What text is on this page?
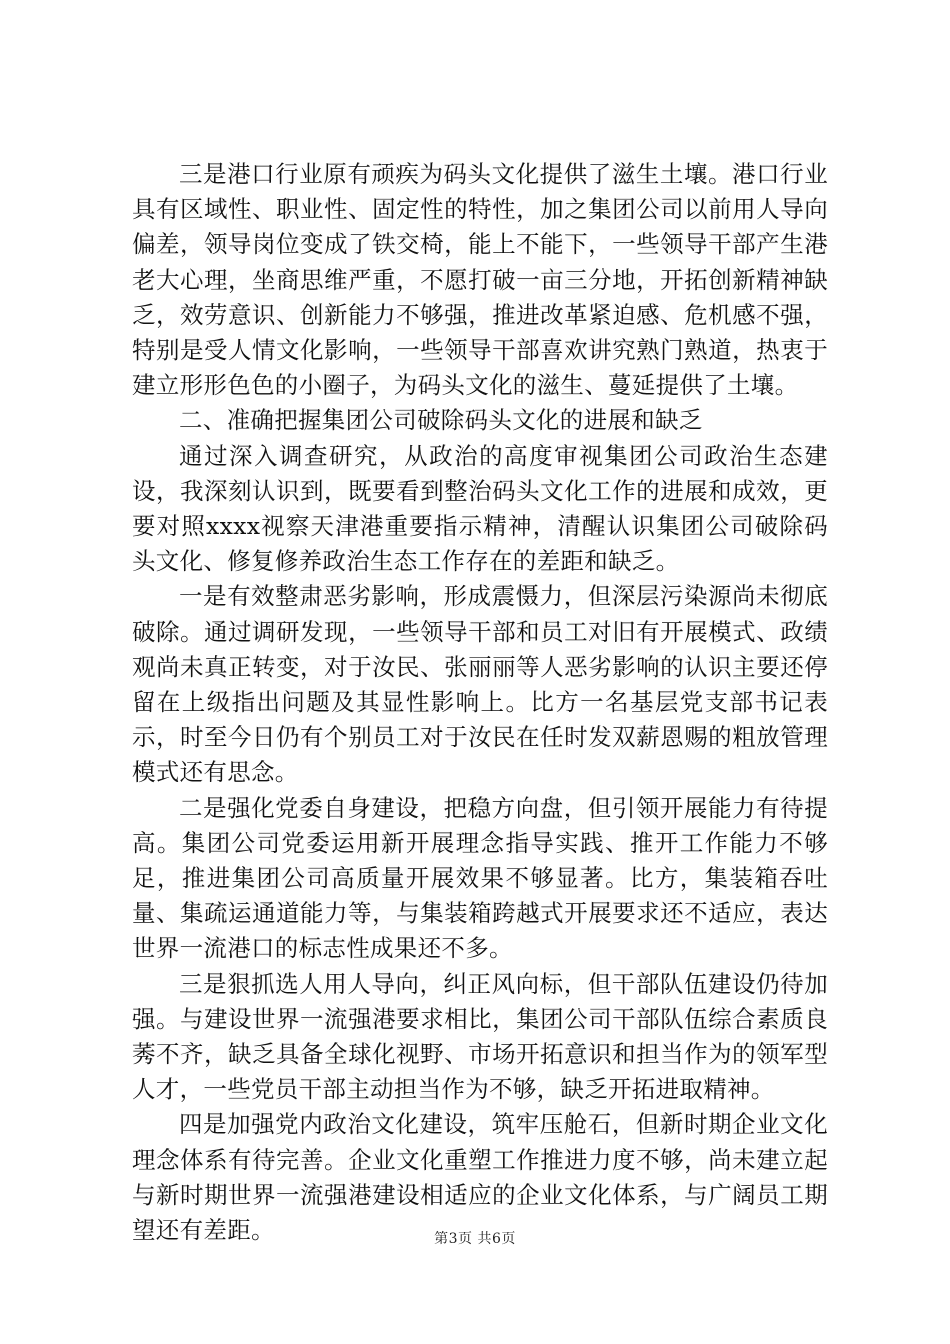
三是港口行业原有顽疾为码头文化提供了滋生土壤。港口行业具有区域性、职业性、固定性的特性，加之集团公司以前用人导向偏差，领导岗位变成了铁交椅，能上不能下，一些领导干部产生港老大心理，坐商思维严重，不愿打破一亩三分地，开拓创新精神缺乏，效劳意识、创新能力不够强，推进改革紧迫感、危机感不强，特别是受人情文化影响，一些领导干部喜欢讲究熟门熟道，热衷于建立形形色色的小圈子，为码头文化的滋生、蔓延提供了土壤。

二、准确把握集团公司破除码头文化的进展和缺乏

通过深入调查研究，从政治的高度审视集团公司政治生态建设，我深刻认识到，既要看到整治码头文化工作的进展和成效，更要对照xxxx视察天津港重要指示精神，清醒认识集团公司破除码头文化、修复修养政治生态工作存在的差距和缺乏。

一是有效整肃恶劣影响，形成震慑力，但深层污染源尚未彻底破除。通过调研发现，一些领导干部和员工对旧有开展模式、政绩观尚未真正转变，对于汝民、张丽丽等人恶劣影响的认识主要还停留在上级指出问题及其显性影响上。比方一名基层党支部书记表示，时至今日仍有个别员工对于汝民在任时发双薪恩赐的粗放管理模式还有思念。

二是强化党委自身建设，把稳方向盘，但引领开展能力有待提高。集团公司党委运用新开展理念指导实践、推开工作能力不够足，推进集团公司高质量开展效果不够显著。比方，集装箱吞吐量、集疏运通道能力等，与集装箱跨越式开展要求还不适应，表达世界一流港口的标志性成果还不多。

三是狠抓选人用人导向，纠正风向标，但干部队伍建设仍待加强。与建设世界一流强港要求相比，集团公司干部队伍综合素质良莠不齐，缺乏具备全球化视野、市场开拓意识和担当作为的领军型人才，一些党员干部主动担当作为不够，缺乏开拓进取精神。

四是加强党内政治文化建设，筑牢压舱石，但新时期企业文化理念体系有待完善。企业文化重塑工作推进力度不够，尚未建立起与新时期世界一流强港建设相适应的企业文化体系，与广阔员工期望还有差距。	第3页 共6页
